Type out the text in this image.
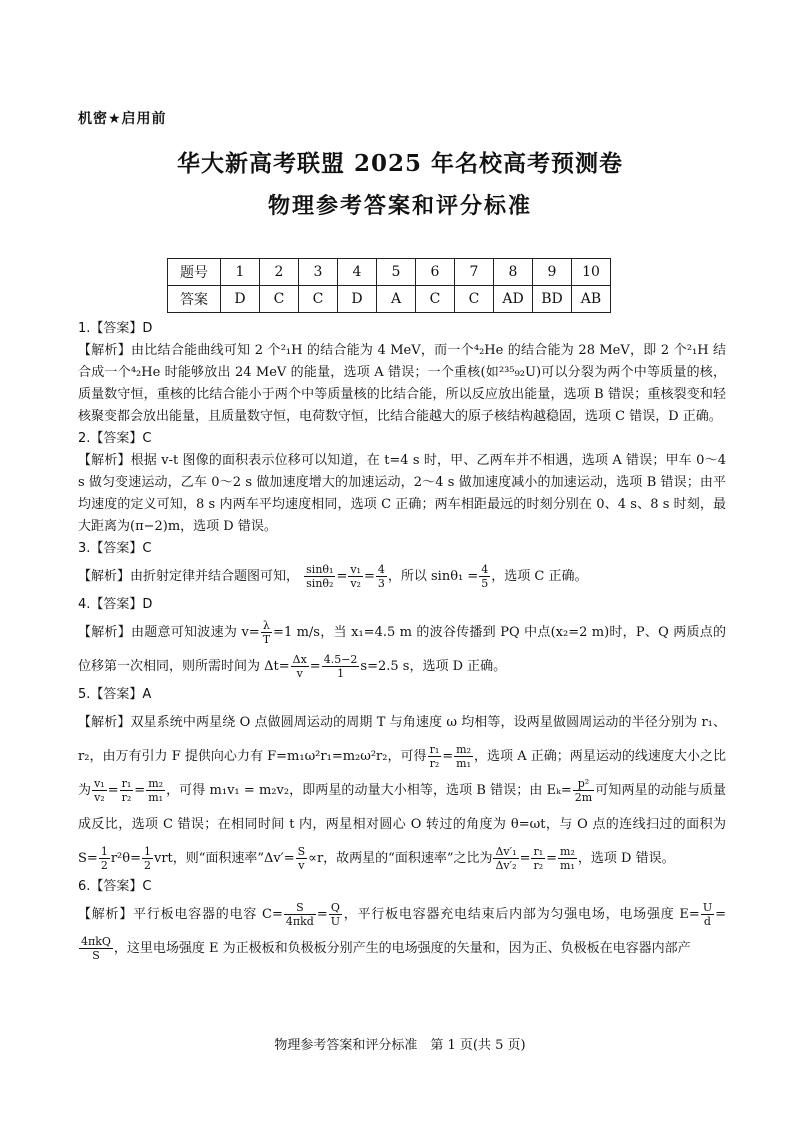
机密★启用前
华大新高考联盟 2025 年名校高考预测卷
物理参考答案和评分标准
题号	1	2	3	4	5	6	7	8	9	10
答案	D	C	C	D	A	C	C	AD	BD	AB
1.【答案】D
【解析】由比结合能曲线可知 2 个²₁H 的结合能为 4 MeV，而一个⁴₂He 的结合能为 28 MeV，即 2 个²₁H 结合成一个⁴₂He 时能够放出 24 MeV 的能量，选项 A 错误；一个重核(如²³⁵₉₂U)可以分裂为两个中等质量的核，质量数守恒，重核的比结合能小于两个中等质量核的比结合能，所以反应放出能量，选项 B 错误；重核裂变和轻核聚变都会放出能量，且质量数守恒，电荷数守恒，比结合能越大的原子核结构越稳固，选项 C 错误，D 正确。
2.【答案】C
【解析】根据 v-t 图像的面积表示位移可以知道，在 t=4 s 时，甲、乙两车并不相遇，选项 A 错误；甲车 0～4 s 做匀变速运动，乙车 0～2 s 做加速度增大的加速运动，2～4 s 做加速度减小的加速运动，选项 B 错误；由平均速度的定义可知，8 s 内两车平均速度相同，选项 C 正确；两车相距最远的时刻分别在 0、4 s、8 s 时刻，最大距离为(π−2)m，选项 D 错误。
3.【答案】C
【解析】由折射定律并结合题图可知， $\frac{\text{sinθ₁}}{\text{sinθ₂}} = \frac{\text{v₁}}{\text{v₂}} = \frac{4}{3}$ ，所以 $\sin\theta_1 = \frac{4}{5}$ ，选项 C 正确。
4.【答案】D
【解析】由题意可知波速为 $v= \frac{\lambda}{T} =1$ m/s，当 x₁=4.5 m 的波谷传播到 PQ 中点(x₂=2 m)时，P、Q 两质点的位移第一次相同，则所需时间为 $\Delta t= \frac{\Delta x}{v} = \frac{4.5-2}{1} s=2.5$ s，选项 D 正确。
5.【答案】A
【解析】双星系统中两星绕 O 点做圆周运动的周期 T 与角速度 ω 均相等，设两星做圆周运动的半径分别为 r₁、r₂，由万有引力 F 提供向心力有 F=m₁ω²r₁=m₂ω²r₂，可得 $\frac{\text{r₁}}{\text{r₂}} = \frac{\text{m₂}}{\text{m₁}}$ ，选项 A 正确；两星运动的线速度大小之比为 $\frac{\text{v₁}}{\text{v₂}} = \frac{\text{r₁}}{\text{r₂}} = \frac{\text{m₂}}{\text{m₁}}$ ，可得 m₁v₁ = m₂v₂，即两星的动量大小相等，选项 B 错误；由 $E_k= \frac{\text{p²}}{2m}$ 可知两星的动能与质量成反比，选项 C 错误；在相同时间 t 内，两星相对圆心 O 转过的角度为 θ=ωt，与 O 点的连线扫过的面积为 $S= \frac{1}{2} r^2\theta= \frac{1}{2}$ vrt，则“面积速率”Δv′= $\frac{S}{v} \propto r$，故两星的“面积速率”之比为 $\frac{\text{Δv′₁}}{\text{Δv′₂}} = \frac{\text{r₁}}{\text{r₂}} = \frac{\text{m₂}}{\text{m₁}}$ ，选项 D 错误。
6.【答案】C
【解析】平行板电容器的电容 $C= \frac{S}{\text{4πkd}} = \frac{Q}{U}$ ，平行板电容器充电结束后内部为匀强电场，电场强度 $E= \frac{U}{d}$ =
$\frac{\text{4πkQ}}{S}$ ，这里电场强度 E 为正极板和负极板分别产生的电场强度的矢量和，因为正、负极板在电容器内部产
物理参考答案和评分标准　第 1 页(共 5 页)
